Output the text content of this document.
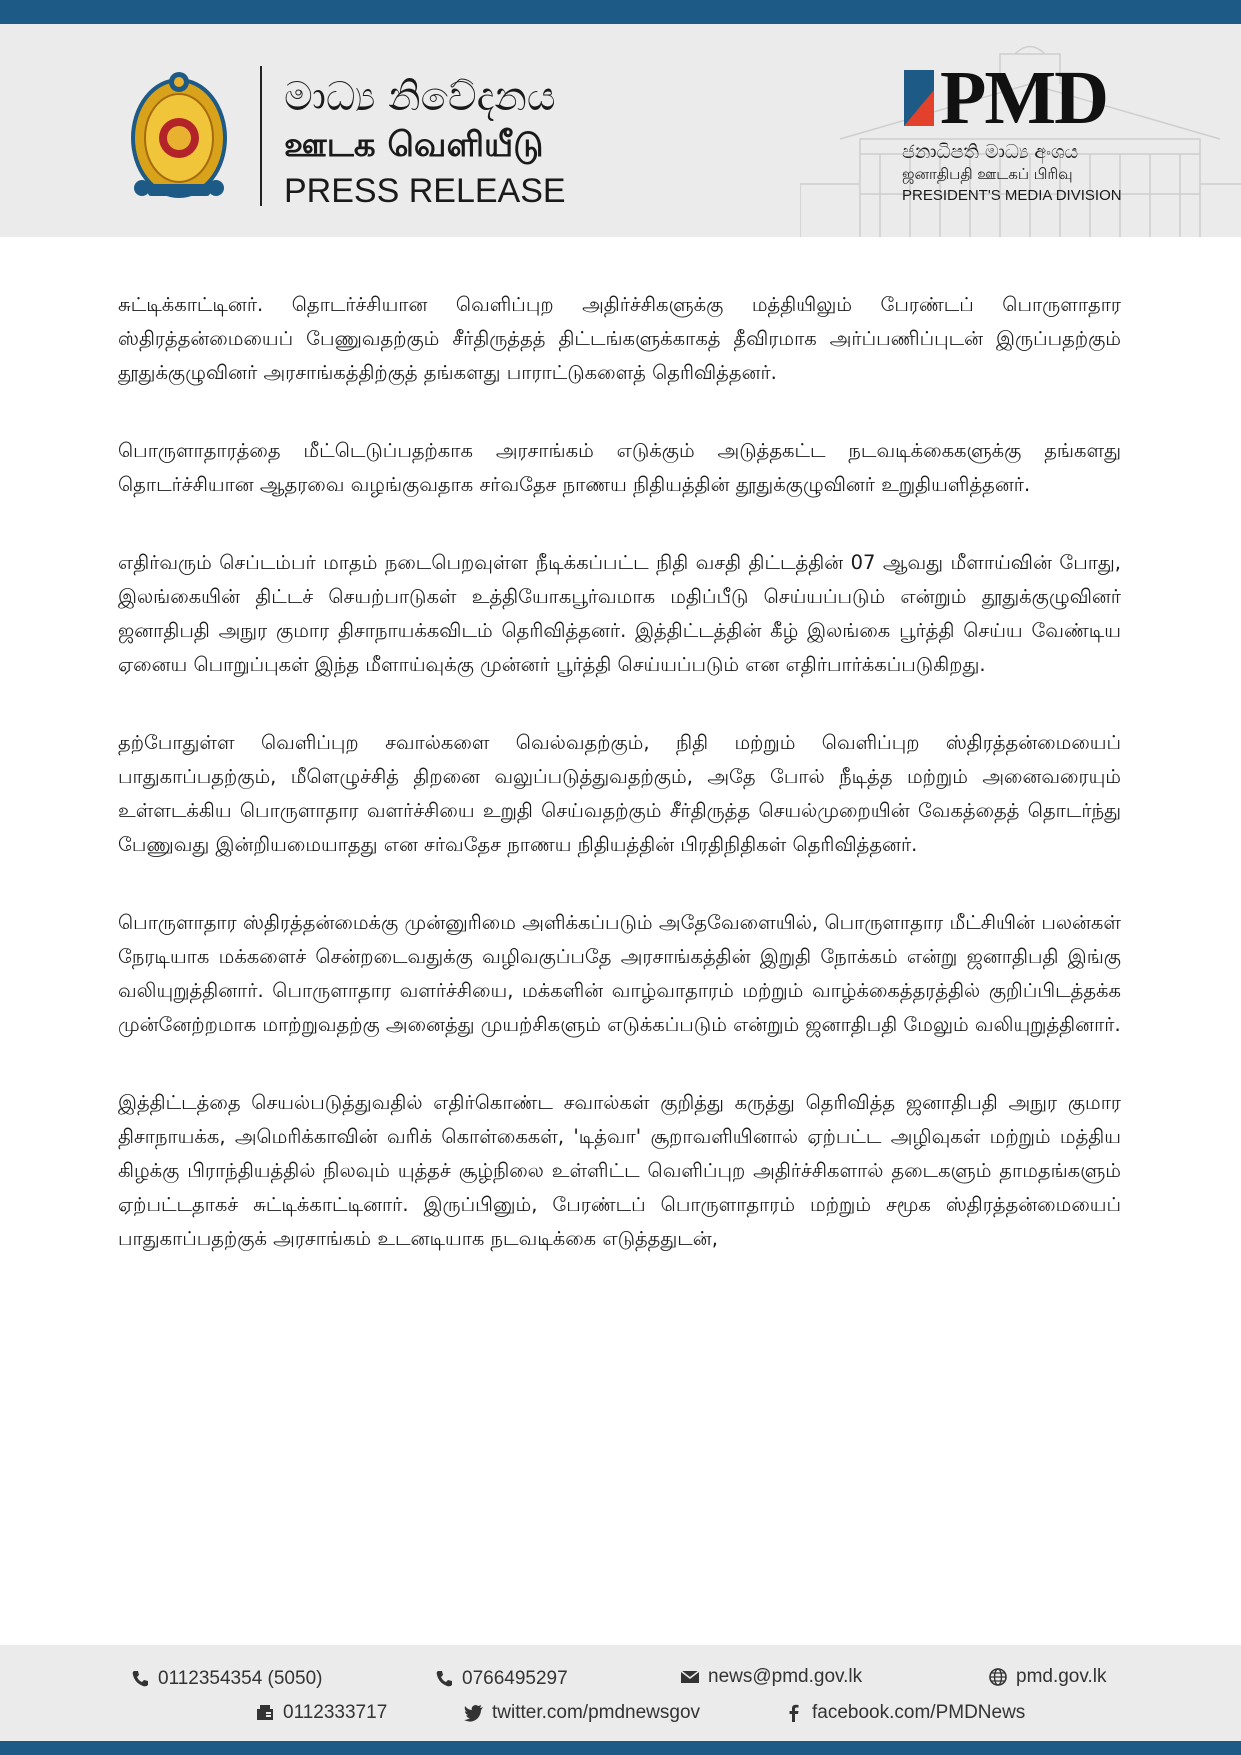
මාධ්‍ය නිවේදනය
ஊடக வெளியீடு
PRESS RELEASE
PMD
ජනාධිපති මාධ්‍ය අංශය
ஜனாதிபதி ஊடகப் பிரிவு
PRESIDENT'S MEDIA DIVISION

சுட்டிக்காட்டினர். தொடர்ச்சியான வெளிப்புற அதிர்ச்சிகளுக்கு மத்தியிலும் பேரண்டப் பொருளாதார ஸ்திரத்தன்மையைப் பேணுவதற்கும் சீர்திருத்தத் திட்டங்களுக்காகத் தீவிரமாக அர்ப்பணிப்புடன் இருப்பதற்கும் தூதுக்குழுவினர் அரசாங்கத்திற்குத் தங்களது பாராட்டுகளைத் தெரிவித்தனர்.

பொருளாதாரத்தை மீட்டெடுப்பதற்காக அரசாங்கம் எடுக்கும் அடுத்தகட்ட நடவடிக்கைகளுக்கு தங்களது தொடர்ச்சியான ஆதரவை வழங்குவதாக சர்வதேச நாணய நிதியத்தின் தூதுக்குழுவினர் உறுதியளித்தனர்.

எதிர்வரும் செப்டம்பர் மாதம் நடைபெறவுள்ள நீடிக்கப்பட்ட நிதி வசதி திட்டத்தின் 07 ஆவது மீளாய்வின் போது, இலங்கையின் திட்டச் செயற்பாடுகள் உத்தியோகபூர்வமாக மதிப்பீடு செய்யப்படும் என்றும் தூதுக்குழுவினர் ஜனாதிபதி அநுர குமார திசாநாயக்கவிடம் தெரிவித்தனர். இத்திட்டத்தின் கீழ் இலங்கை பூர்த்தி செய்ய வேண்டிய ஏனைய பொறுப்புகள் இந்த மீளாய்வுக்கு முன்னர் பூர்த்தி செய்யப்படும் என எதிர்பார்க்கப்படுகிறது.

தற்போதுள்ள வெளிப்புற சவால்களை வெல்வதற்கும், நிதி மற்றும் வெளிப்புற ஸ்திரத்தன்மையைப் பாதுகாப்பதற்கும், மீளெழுச்சித் திறனை வலுப்படுத்துவதற்கும், அதே போல் நீடித்த மற்றும் அனைவரையும் உள்ளடக்கிய பொருளாதார வளர்ச்சியை உறுதி செய்வதற்கும் சீர்திருத்த செயல்முறையின் வேகத்தைத் தொடர்ந்து பேணுவது இன்றியமையாதது என சர்வதேச நாணய நிதியத்தின் பிரதிநிதிகள் தெரிவித்தனர்.

பொருளாதார ஸ்திரத்தன்மைக்கு முன்னுரிமை அளிக்கப்படும் அதேவேளையில், பொருளாதார மீட்சியின் பலன்கள் நேரடியாக மக்களைச் சென்றடைவதுக்கு வழிவகுப்பதே அரசாங்கத்தின் இறுதி நோக்கம் என்று ஜனாதிபதி இங்கு வலியுறுத்தினார். பொருளாதார வளர்ச்சியை, மக்களின் வாழ்வாதாரம் மற்றும் வாழ்க்கைத்தரத்தில் குறிப்பிடத்தக்க முன்னேற்றமாக மாற்றுவதற்கு அனைத்து முயற்சிகளும் எடுக்கப்படும் என்றும் ஜனாதிபதி மேலும் வலியுறுத்தினார்.

இத்திட்டத்தை செயல்படுத்துவதில் எதிர்கொண்ட சவால்கள் குறித்து கருத்து தெரிவித்த ஜனாதிபதி அநுர குமார திசாநாயக்க, அமெரிக்காவின் வரிக் கொள்கைகள், 'டித்வா' சூறாவளியினால் ஏற்பட்ட அழிவுகள் மற்றும் மத்திய கிழக்கு பிராந்தியத்தில் நிலவும் யுத்தச் சூழ்நிலை உள்ளிட்ட வெளிப்புற அதிர்ச்சிகளால் தடைகளும் தாமதங்களும் ஏற்பட்டதாகச் சுட்டிக்காட்டினார். இருப்பினும், பேரண்டப் பொருளாதாரம் மற்றும் சமூக ஸ்திரத்தன்மையைப் பாதுகாப்பதற்குக் அரசாங்கம் உடனடியாக நடவடிக்கை எடுத்ததுடன்,

0112354354 (5050)	0766495297	news@pmd.gov.lk	pmd.gov.lk
0112333717	twitter.com/pmdnewsgov	facebook.com/PMDNews
